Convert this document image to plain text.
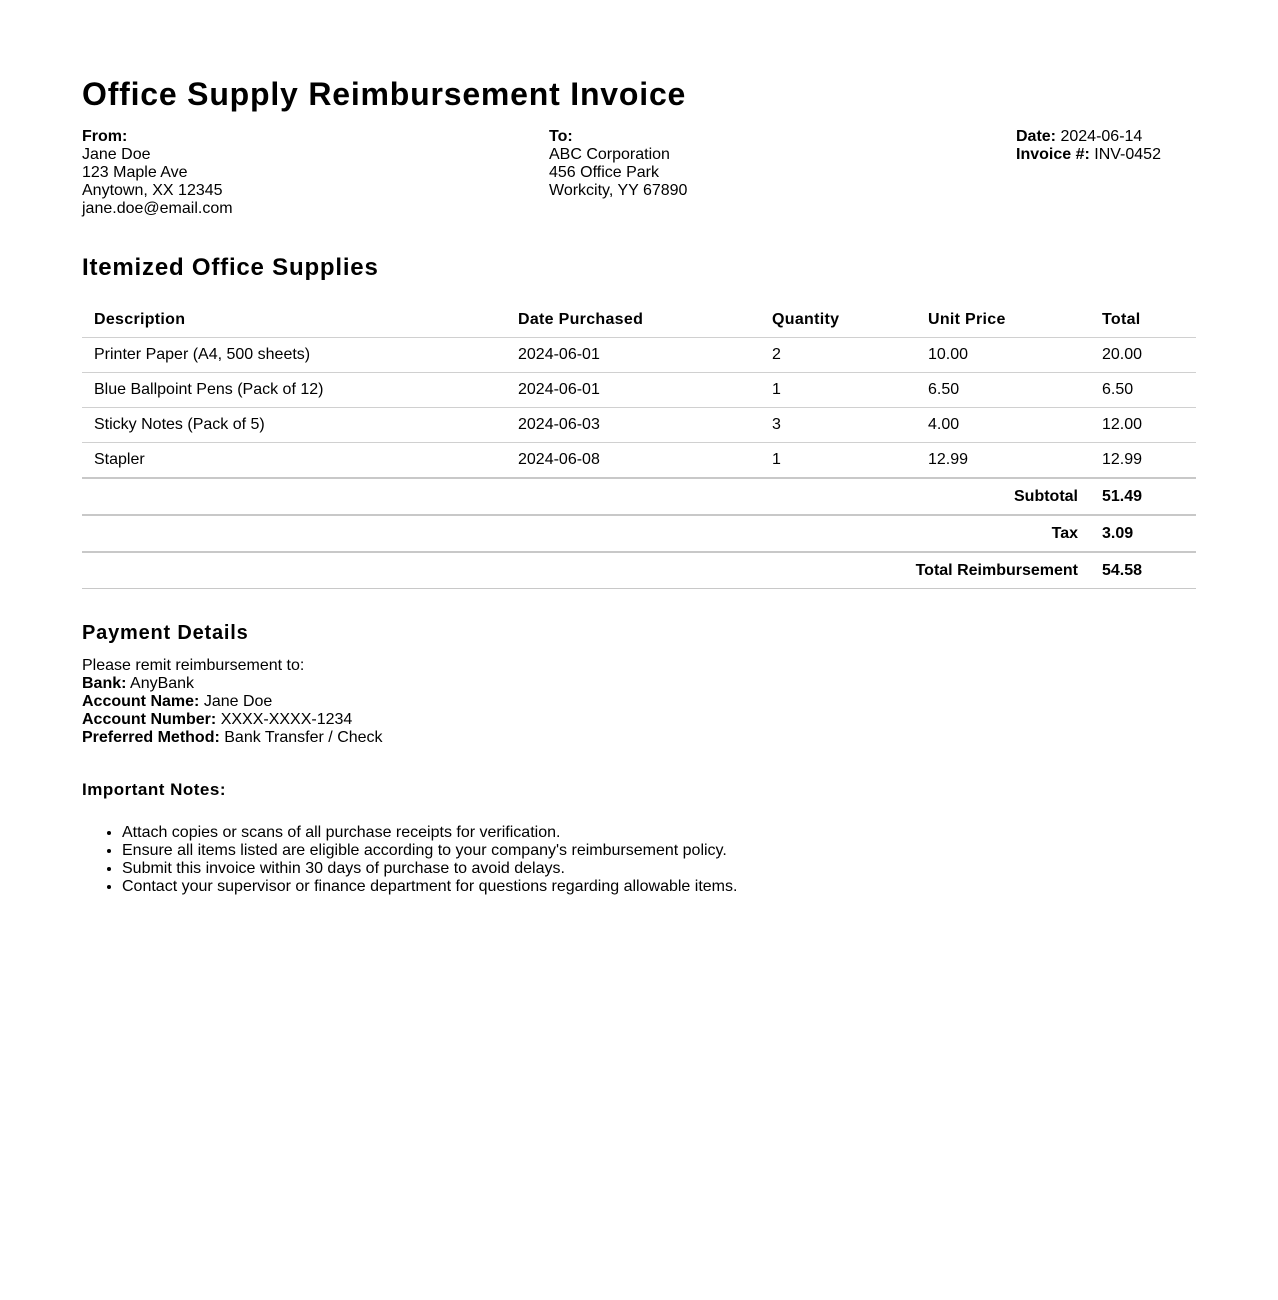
Office Supply Reimbursement Invoice
From:
Jane Doe
123 Maple Ave
Anytown, XX 12345
jane.doe@email.com
To:
ABC Corporation
456 Office Park
Workcity, YY 67890
Date: 2024-06-14
Invoice #: INV-0452
Itemized Office Supplies
Description	Date Purchased	Quantity	Unit Price	Total
Printer Paper (A4, 500 sheets)	2024-06-01	2	10.00	20.00
Blue Ballpoint Pens (Pack of 12)	2024-06-01	1	6.50	6.50
Sticky Notes (Pack of 5)	2024-06-03	3	4.00	12.00
Stapler	2024-06-08	1	12.99	12.99
Subtotal				51.49
Tax				3.09
Total Reimbursement				54.58
Payment Details
Please remit reimbursement to:
Bank: AnyBank
Account Name: Jane Doe
Account Number: XXXX-XXXX-1234
Preferred Method: Bank Transfer / Check
Important Notes:
• Attach copies or scans of all purchase receipts for verification.
• Ensure all items listed are eligible according to your company's reimbursement policy.
• Submit this invoice within 30 days of purchase to avoid delays.
• Contact your supervisor or finance department for questions regarding allowable items.
